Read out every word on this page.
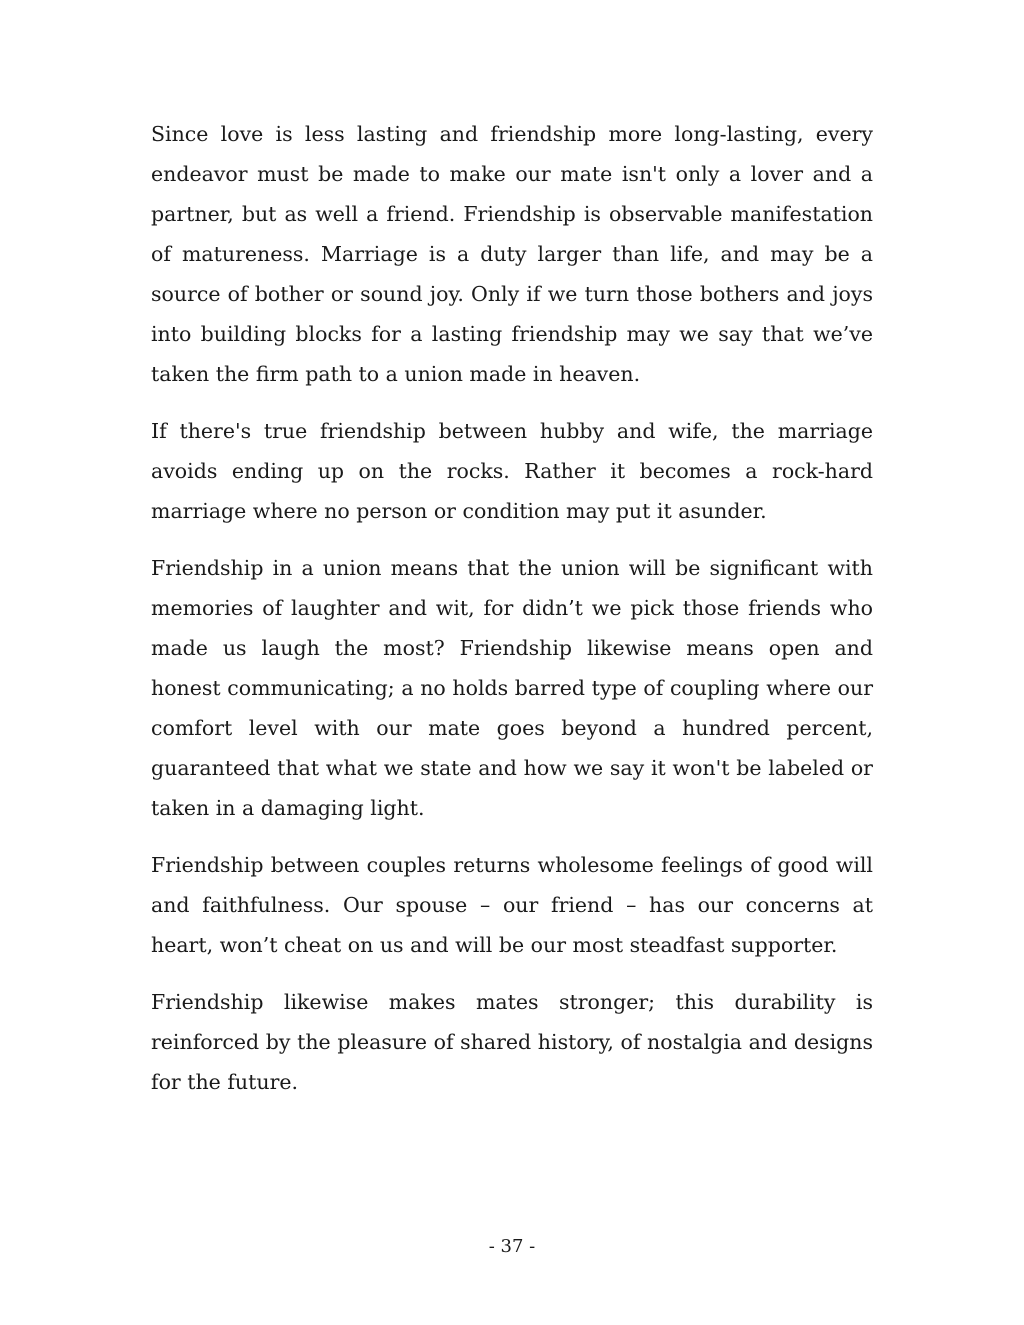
Since love is less lasting and friendship more long-lasting, every endeavor must be made to make our mate isn't only a lover and a partner, but as well a friend. Friendship is observable manifestation of matureness. Marriage is a duty larger than life, and may be a source of bother or sound joy. Only if we turn those bothers and joys into building blocks for a lasting friendship may we say that we’ve taken the firm path to a union made in heaven.

If there's true friendship between hubby and wife, the marriage avoids ending up on the rocks. Rather it becomes a rock-hard marriage where no person or condition may put it asunder.

Friendship in a union means that the union will be significant with memories of laughter and wit, for didn’t we pick those friends who made us laugh the most? Friendship likewise means open and honest communicating; a no holds barred type of coupling where our comfort level with our mate goes beyond a hundred percent, guaranteed that what we state and how we say it won't be labeled or taken in a damaging light.

Friendship between couples returns wholesome feelings of good will and faithfulness. Our spouse – our friend – has our concerns at heart, won’t cheat on us and will be our most steadfast supporter.

Friendship likewise makes mates stronger; this durability is reinforced by the pleasure of shared history, of nostalgia and designs for the future.

- 37 -
